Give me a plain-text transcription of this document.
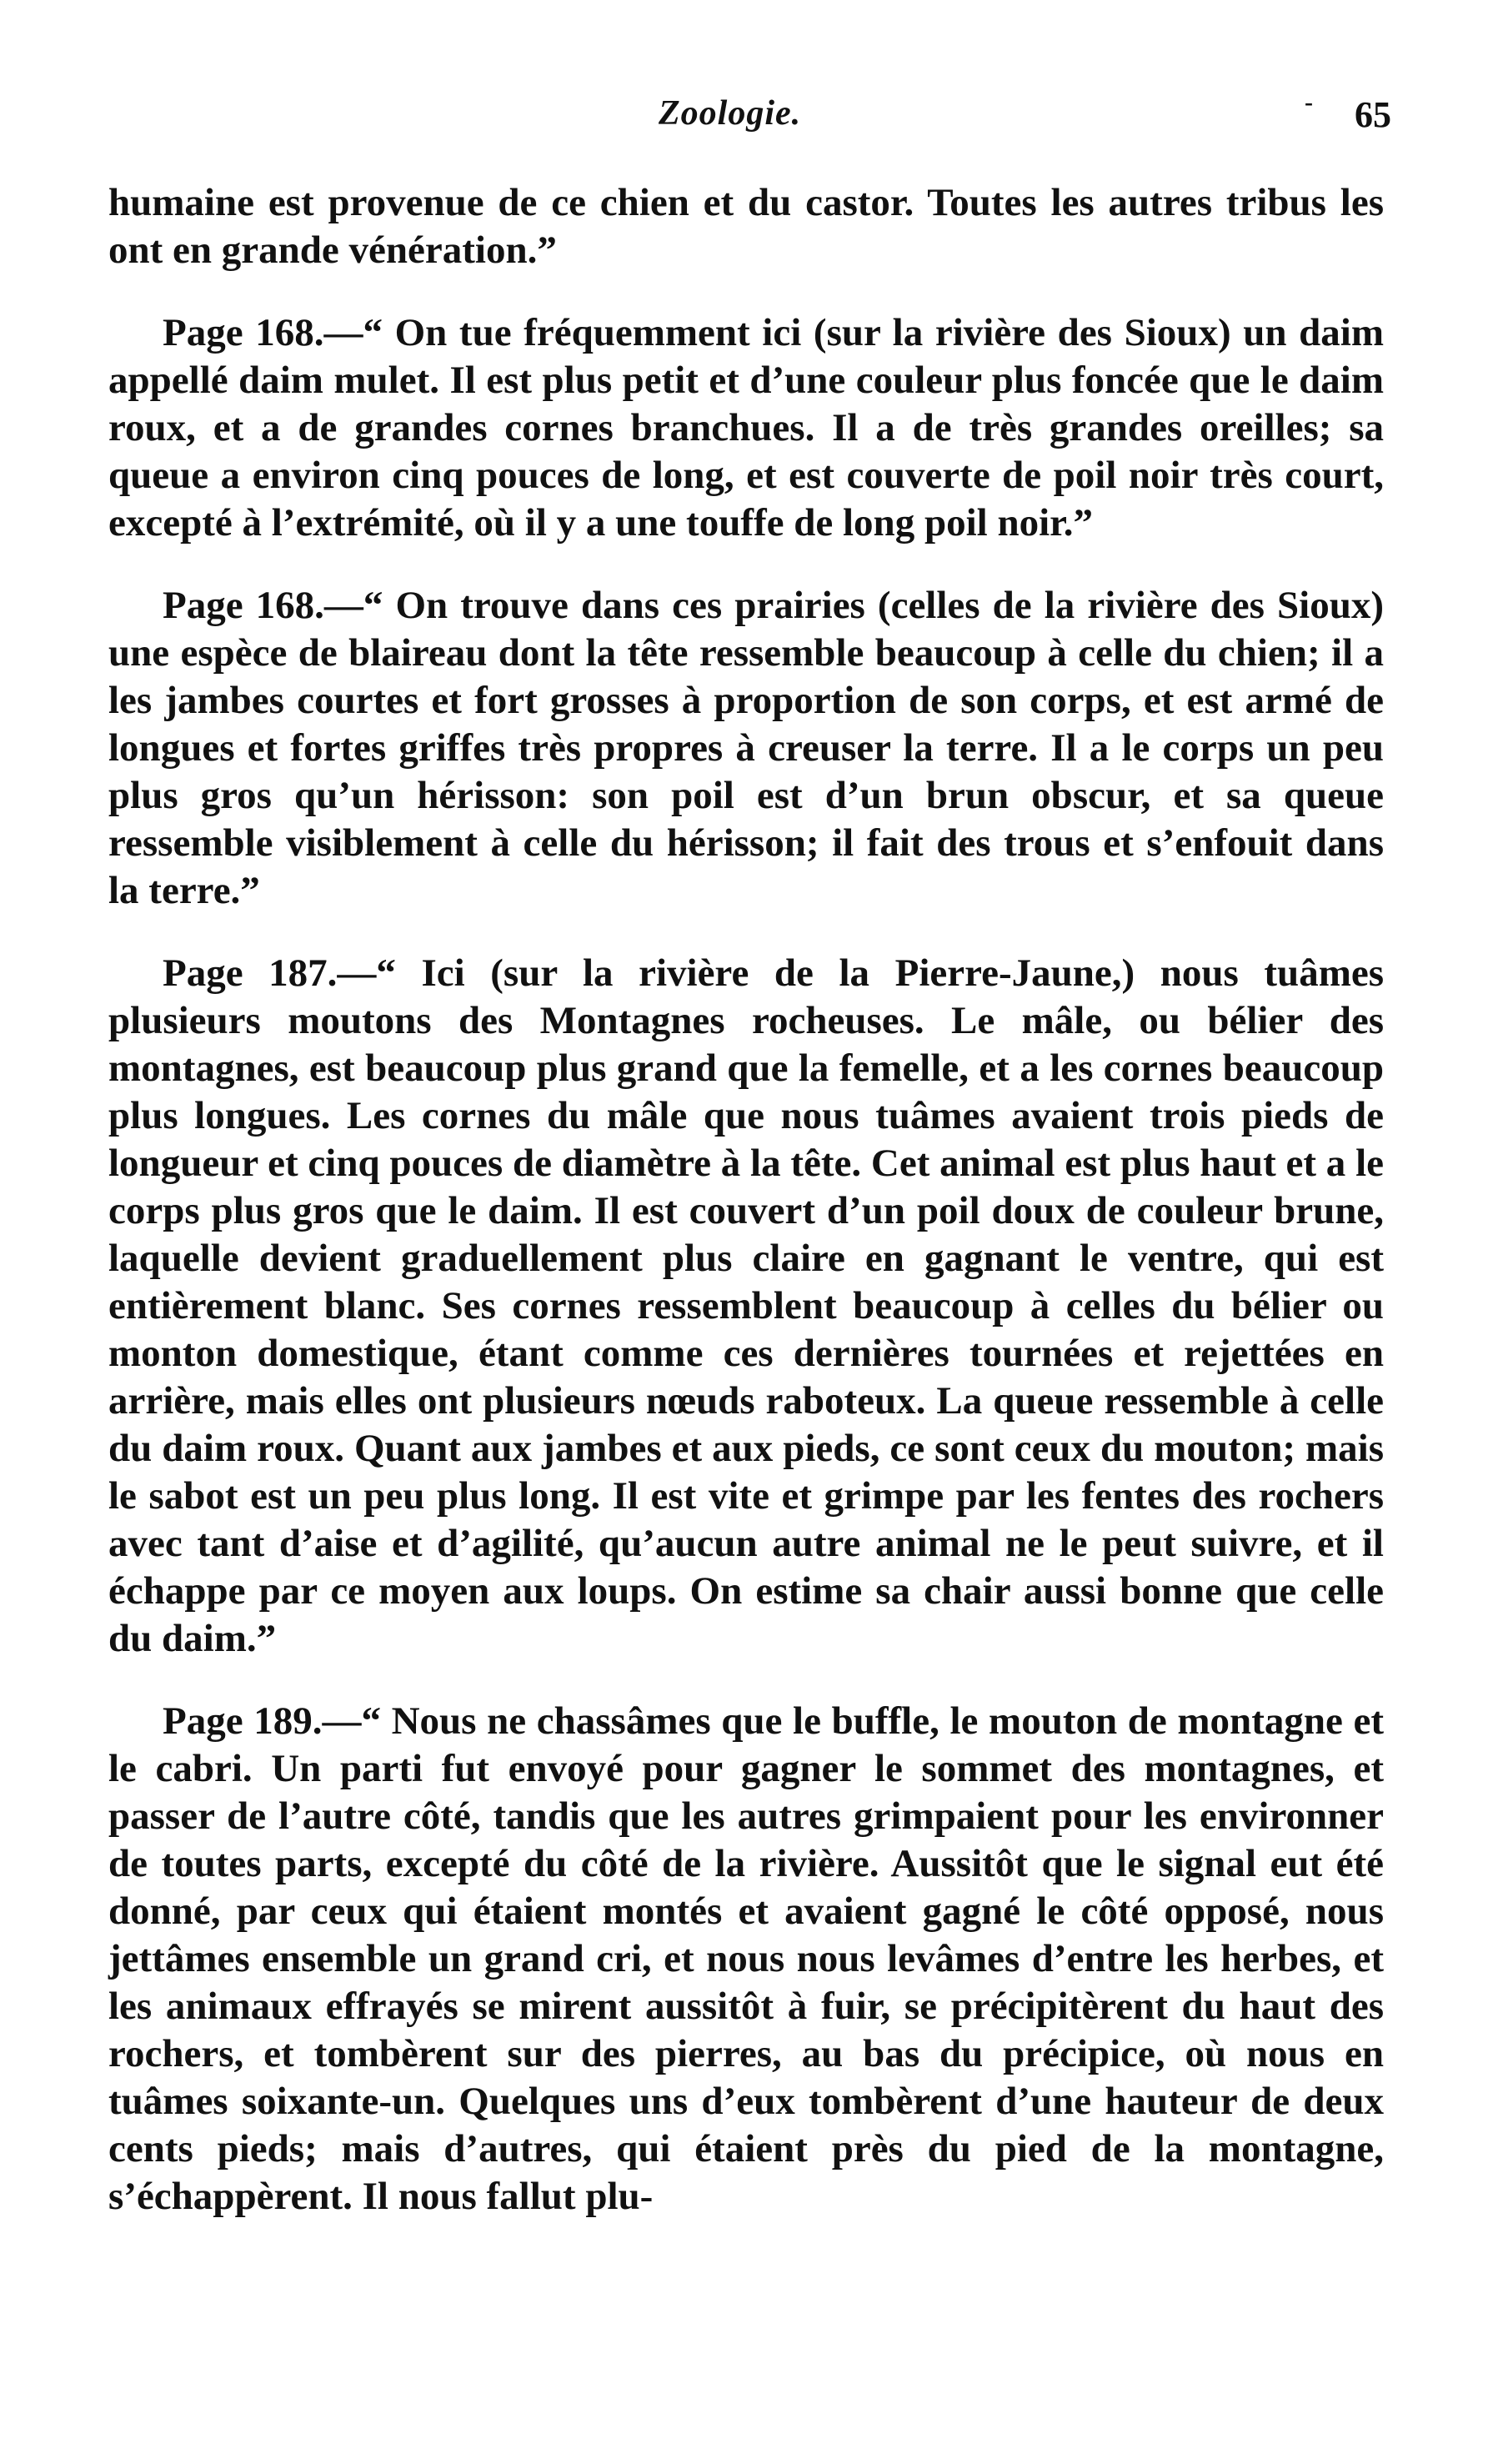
Zoologie.	- 65

humaine est provenue de ce chien et du castor. Toutes les autres tribus les ont en grande vénération.”

Page 168.—“ On tue fréquemment ici (sur la rivière des Sioux) un daim appellé daim mulet. Il est plus petit et d’une couleur plus foncée que le daim roux, et a de grandes cornes branchues. Il a de très grandes oreilles; sa queue a environ cinq pouces de long, et est couverte de poil noir très court, excepté à l’extrémité, où il y a une touffe de long poil noir.”

Page 168.—“ On trouve dans ces prairies (celles de la rivière des Sioux) une espèce de blaireau dont la tête ressemble beaucoup à celle du chien; il a les jambes courtes et fort grosses à proportion de son corps, et est armé de longues et fortes griffes très propres à creuser la terre. Il a le corps un peu plus gros qu’un hérisson: son poil est d’un brun obscur, et sa queue ressemble visiblement à celle du hérisson; il fait des trous et s’enfouit dans la terre.”

Page 187.—“ Ici (sur la rivière de la Pierre-Jaune,) nous tuâmes plusieurs moutons des Montagnes rocheuses. Le mâle, ou bélier des montagnes, est beaucoup plus grand que la femelle, et a les cornes beaucoup plus longues. Les cornes du mâle que nous tuâmes avaient trois pieds de longueur et cinq pouces de diamètre à la tête. Cet animal est plus haut et a le corps plus gros que le daim. Il est couvert d’un poil doux de couleur brune, laquelle devient graduellement plus claire en gagnant le ventre, qui est entièrement blanc. Ses cornes ressemblent beaucoup à celles du bélier ou monton domestique, étant comme ces dernières tournées et rejettées en arrière, mais elles ont plusieurs nœuds raboteux. La queue ressemble à celle du daim roux. Quant aux jambes et aux pieds, ce sont ceux du mouton; mais le sabot est un peu plus long. Il est vite et grimpe par les fentes des rochers avec tant d’aise et d’agilité, qu’aucun autre animal ne le peut suivre, et il échappe par ce moyen aux loups. On estime sa chair aussi bonne que celle du daim.”

Page 189.—“ Nous ne chassâmes que le buffle, le mouton de montagne et le cabri. Un parti fut envoyé pour gagner le sommet des montagnes, et passer de l’autre côté, tandis que les autres grimpaient pour les environner de toutes parts, excepté du côté de la rivière. Aussitôt que le signal eut été donné, par ceux qui étaient montés et avaient gagné le côté opposé, nous jettâmes ensemble un grand cri, et nous nous levâmes d’entre les herbes, et les animaux effrayés se mirent aussitôt à fuir, se précipitèrent du haut des rochers, et tombèrent sur des pierres, au bas du précipice, où nous en tuâmes soixante-un. Quelques uns d’eux tombèrent d’une hauteur de deux cents pieds; mais d’autres, qui étaient près du pied de la montagne, s’échappèrent. Il nous fallut plu-
